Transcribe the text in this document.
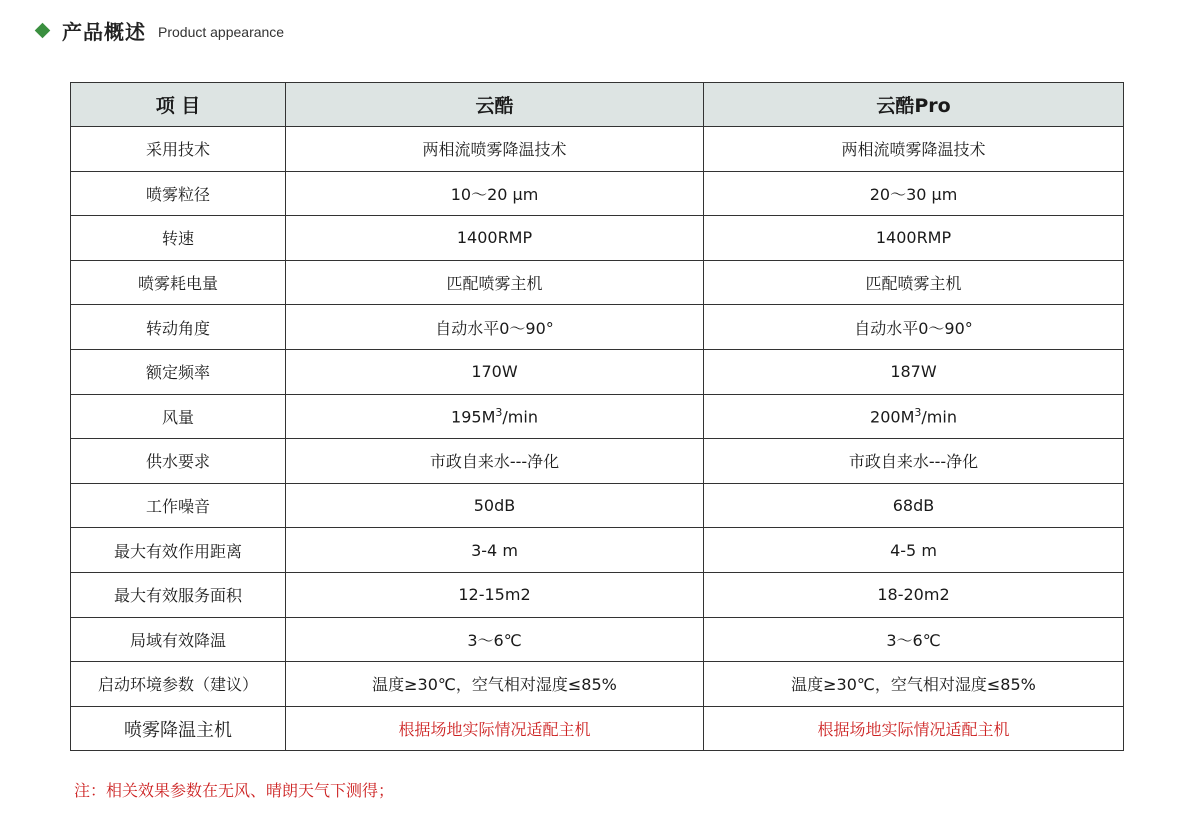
产品概述 Product appearance
项 目	云酷	云酷Pro
采用技术	两相流喷雾降温技术	两相流喷雾降温技术
喷雾粒径	10～20 μm	20～30 μm
转速	1400RMP	1400RMP
喷雾耗电量	匹配喷雾主机	匹配喷雾主机
转动角度	自动水平0～90°	自动水平0～90°
额定频率	170W	187W
风量	$195M^3/\min$	$200M^3/\min$
供水要求	市政自来水---净化	市政自来水---净化
工作噪音	50dB	68dB
最大有效作用距离	3-4 m	4-5 m
最大有效服务面积	12-15m2	18-20m2
局域有效降温	3～6℃	3～6℃
启动环境参数（建议）	温度≥30℃，空气相对湿度≤85%	温度≥30℃，空气相对湿度≤85%
喷雾降温主机	根据场地实际情况适配主机	根据场地实际情况适配主机
注：相关效果参数在无风、晴朗天气下测得；
